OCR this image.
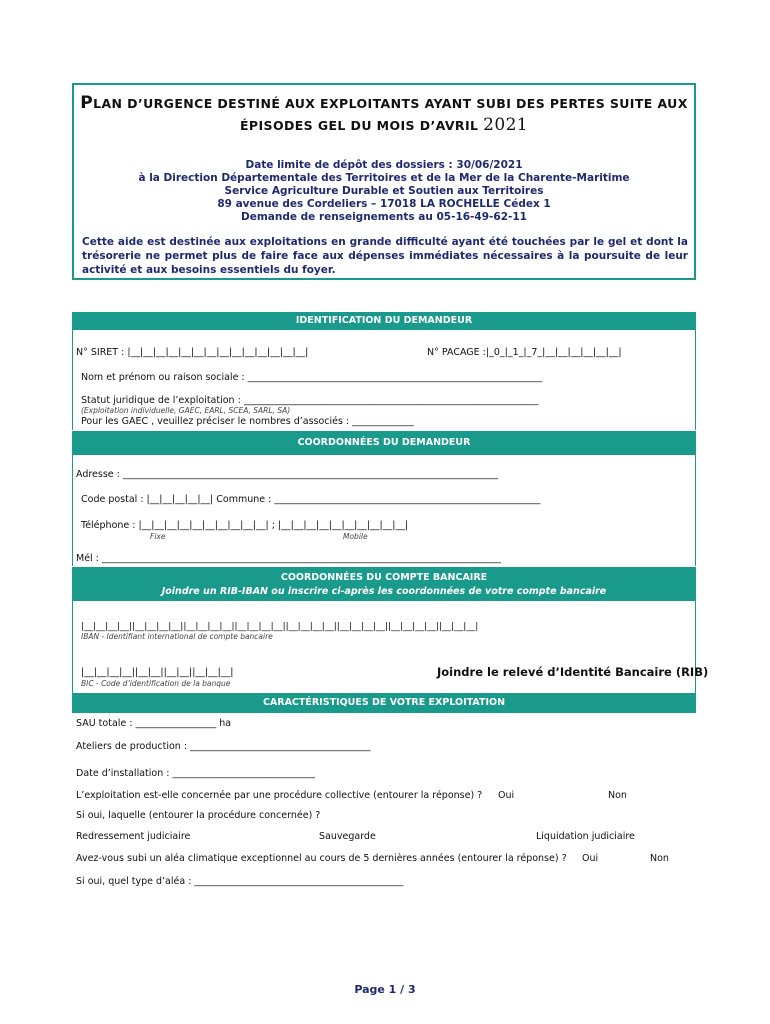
PLAN D’URGENCE DESTINÉ AUX EXPLOITANTS AYANT SUBI DES PERTES SUITE AUX
ÉPISODES GEL DU MOIS D’AVRIL 2021
Date limite de dépôt des dossiers : 30/06/2021
à la Direction Départementale des Territoires et de la Mer de la Charente-Maritime
Service Agriculture Durable et Soutien aux Territoires
89 avenue des Cordeliers – 17018 LA ROCHELLE Cédex 1
Demande de renseignements au 05-16-49-62-11
Cette aide est destinée aux exploitations en grande difficulté ayant été touchées par le gel et dont la trésorerie ne permet plus de faire face aux dépenses immédiates nécessaires à la poursuite de leur activité et aux besoins essentiels du foyer.
IDENTIFICATION DU DEMANDEUR
N° SIRET : |__|__|__|__|__|__|__|__|__|__|__|__|__|__|	N° PACAGE :|_0_|_1_|_7_|__|__|__|__|__|__|
Nom et prénom ou raison sociale : ______________________________________________________________
Statut juridique de l’exploitation : ______________________________________________________________
(Exploitation individuelle, GAEC, EARL, SCEA, SARL, SA)
Pour les GAEC , veuillez préciser le nombres d’associés : _____________
COORDONNÉES DU DEMANDEUR
Adresse : _______________________________________________________________________________
Code postal : |__|__|__|__|__| Commune : ________________________________________________________
Téléphone : |__|__|__|__|__|__|__|__|__|__| ; |__|__|__|__|__|__|__|__|__|__|
Fixe	Mobile
Mél : ____________________________________________________________________________________
COORDONNÉES DU COMPTE BANCAIRE
Joindre un RIB-IBAN ou inscrire ci-après les coordonnées de votre compte bancaire
|__|__|__|__||__|__|__|__||__|__|__|__||__|__|__|__||__|__|__|__||__|__|__|__||__|__|__|__||__|__|__|
IBAN - Identifiant international de compte bancaire
|__|__|__|__||__|__||__|__||__|__|__|
BIC - Code d’identification de la banque
Joindre le relevé d’Identité Bancaire (RIB)
CARACTÉRISTIQUES DE VOTRE EXPLOITATION
SAU totale : _________________ ha
Ateliers de production : ______________________________________
Date d’installation : ______________________________
L’exploitation est-elle concernée par une procédure collective (entourer la réponse) ? Oui	Non
Si oui, laquelle (entourer la procédure concernée) ?
Redressement judiciaire	Sauvegarde	Liquidation judiciaire
Avez-vous subi un aléa climatique exceptionnel au cours de 5 dernières années (entourer la réponse) ? Oui	Non
Si oui, quel type d’aléa : ____________________________________________
Page 1 / 3
